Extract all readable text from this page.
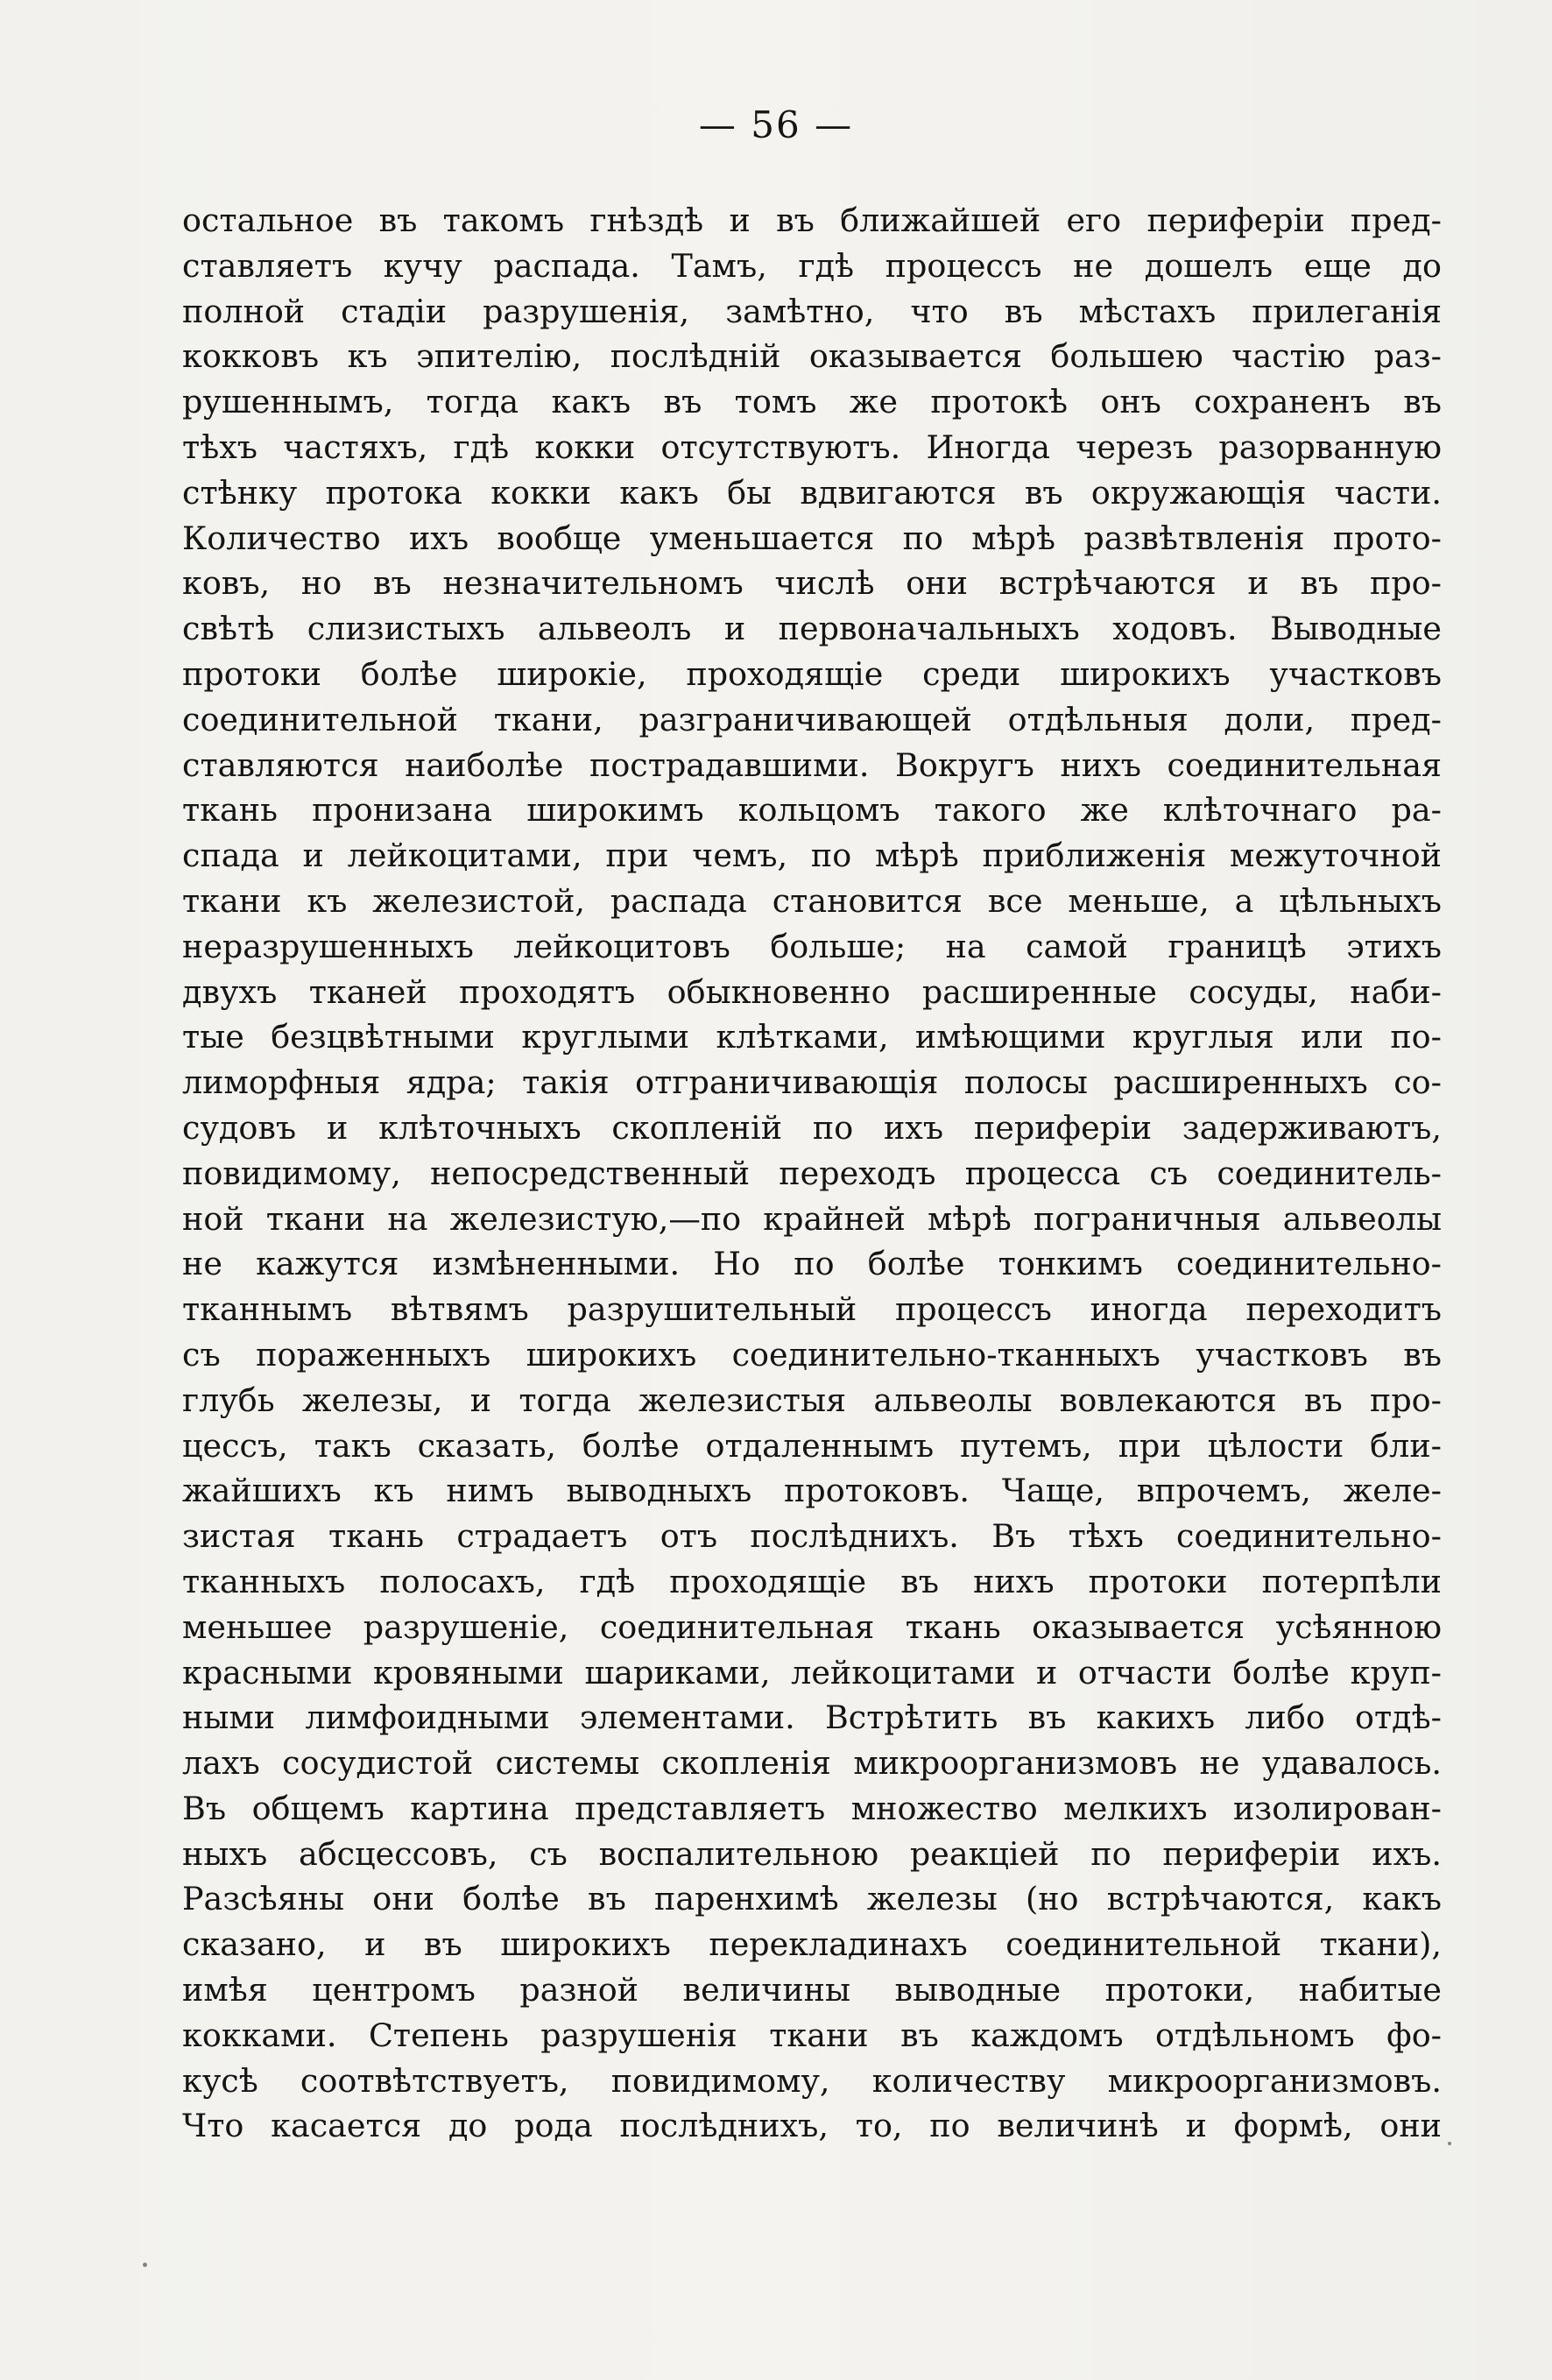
— 56 —
остальное въ такомъ гнѣздѣ и въ ближайшей его периферіи пред-
ставляетъ кучу распада. Тамъ, гдѣ процессъ не дошелъ еще до
полной стадіи разрушенія, замѣтно, что въ мѣстахъ прилеганія
кокковъ къ эпителію, послѣдній оказывается большею частію раз-
рушеннымъ, тогда какъ въ томъ же протокѣ онъ сохраненъ въ
тѣхъ частяхъ, гдѣ кокки отсутствуютъ. Иногда черезъ разорванную
стѣнку протока кокки какъ бы вдвигаются въ окружающія части.
Количество ихъ вообще уменьшается по мѣрѣ развѣтвленія прото-
ковъ, но въ незначительномъ числѣ они встрѣчаются и въ про-
свѣтѣ слизистыхъ альвеолъ и первоначальныхъ ходовъ. Выводные
протоки болѣе широкіе, проходящіе среди широкихъ участковъ
соединительной ткани, разграничивающей отдѣльныя доли, пред-
ставляются наиболѣе пострадавшими. Вокругъ нихъ соединительная
ткань пронизана широкимъ кольцомъ такого же клѣточнаго ра-
спада и лейкоцитами, при чемъ, по мѣрѣ приближенія межуточной
ткани къ железистой, распада становится все меньше, а цѣльныхъ
неразрушенныхъ лейкоцитовъ больше; на самой границѣ этихъ
двухъ тканей проходятъ обыкновенно расширенные сосуды, наби-
тые безцвѣтными круглыми клѣтками, имѣющими круглыя или по-
лиморфныя ядра; такія отграничивающія полосы расширенныхъ со-
судовъ и клѣточныхъ скопленій по ихъ периферіи задерживаютъ,
повидимому, непосредственный переходъ процесса съ соединитель-
ной ткани на железистую,—по крайней мѣрѣ пограничныя альвеолы
не кажутся измѣненными. Но по болѣе тонкимъ соединительно-
тканнымъ вѣтвямъ разрушительный процессъ иногда переходитъ
съ пораженныхъ широкихъ соединительно-тканныхъ участковъ въ
глубь железы, и тогда железистыя альвеолы вовлекаются въ про-
цессъ, такъ сказать, болѣе отдаленнымъ путемъ, при цѣлости бли-
жайшихъ къ нимъ выводныхъ протоковъ. Чаще, впрочемъ, желе-
зистая ткань страдаетъ отъ послѣднихъ. Въ тѣхъ соединительно-
тканныхъ полосахъ, гдѣ проходящіе въ нихъ протоки потерпѣли
меньшее разрушеніе, соединительная ткань оказывается усѣянною
красными кровяными шариками, лейкоцитами и отчасти болѣе круп-
ными лимфоидными элементами. Встрѣтить въ какихъ либо отдѣ-
лахъ сосудистой системы скопленія микроорганизмовъ не удавалось.
Въ общемъ картина представляетъ множество мелкихъ изолирован-
ныхъ абсцессовъ, съ воспалительною реакціей по периферіи ихъ.
Разсѣяны они болѣе въ паренхимѣ железы (но встрѣчаются, какъ
сказано, и въ широкихъ перекладинахъ соединительной ткани),
имѣя центромъ разной величины выводные протоки, набитые
кокками. Степень разрушенія ткани въ каждомъ отдѣльномъ фо-
кусѣ соотвѣтствуетъ, повидимому, количеству микроорганизмовъ.
Что касается до рода послѣднихъ, то, по величинѣ и формѣ, они
